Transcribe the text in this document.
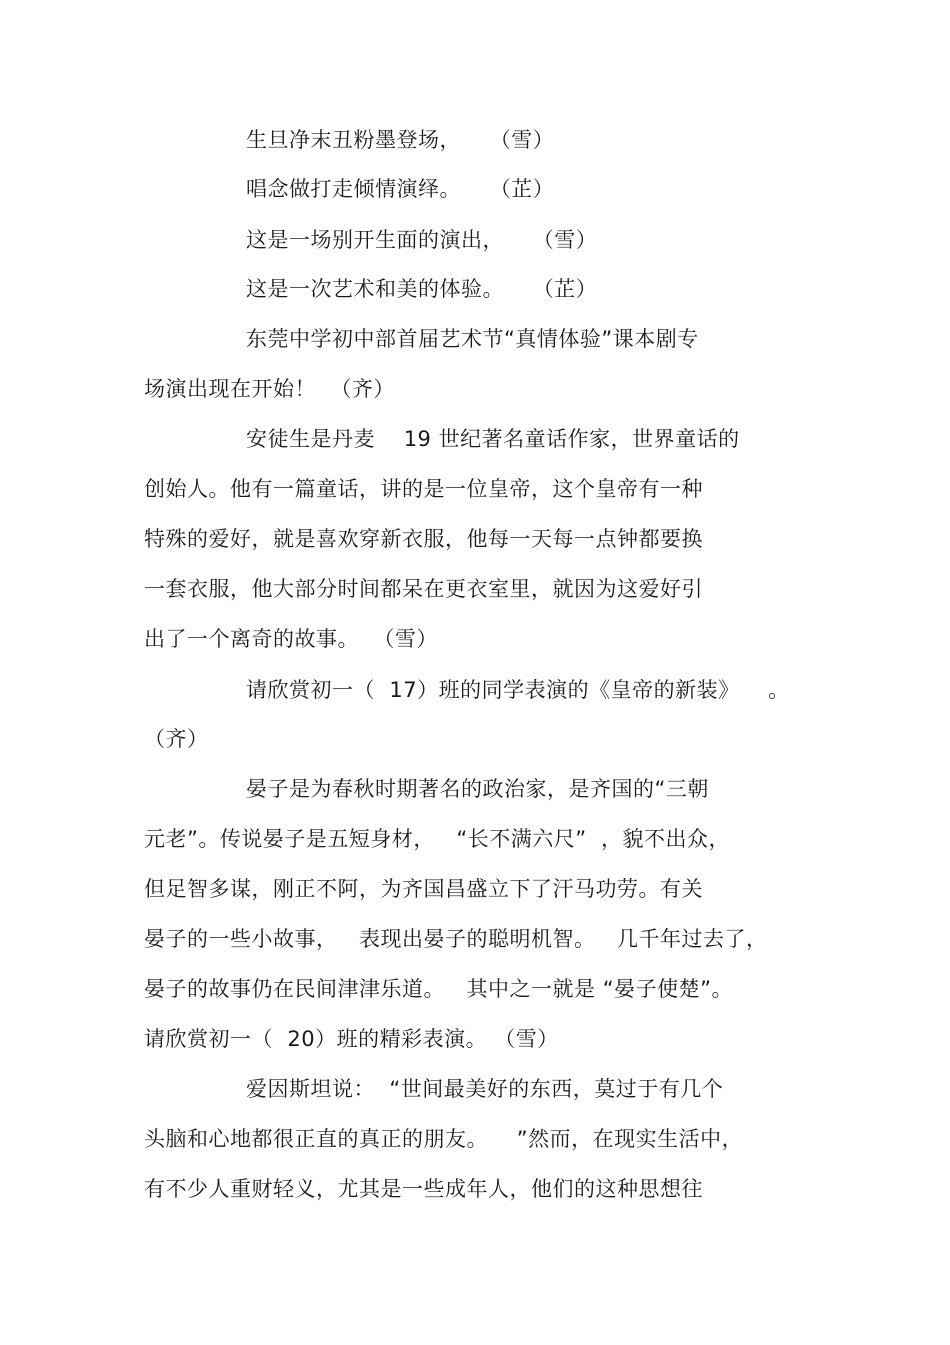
生旦净末丑粉墨登场，    （雪）
唱念做打走倾情演绎。    （芷）
这是一场别开生面的演出，    （雪）
这是一次艺术和美的体验。    （芷）
东莞中学初中部首届艺术节“真情体验”课本剧专
场演出现在开始！  （齐）
安徒生是丹麦    19 世纪著名童话作家，世界童话的
创始人。他有一篇童话，讲的是一位皇帝，这个皇帝有一种
特殊的爱好，就是喜欢穿新衣服，他每一天每一点钟都要换
一套衣服，他大部分时间都呆在更衣室里，就因为这爱好引
出了一个离奇的故事。  （雪）
请欣赏初一（  17）班的同学表演的《皇帝的新装》    。
（齐）
晏子是为春秋时期著名的政治家，是齐国的“三朝
元老”。传说晏子是五短身材，   “长不满六尺”  ，貌不出众，
但足智多谋，刚正不阿，为齐国昌盛立下了汗马功劳。有关
晏子的一些小故事，   表现出晏子的聪明机智。   几千年过去了，
晏子的故事仍在民间津津乐道。   其中之一就是 “晏子使楚”。
请欣赏初一（  20）班的精彩表演。 （雪）
爱因斯坦说：  “世间最美好的东西，莫过于有几个
头脑和心地都很正直的真正的朋友。    ”然而，在现实生活中，
有不少人重财轻义，尤其是一些成年人，他们的这种思想往
